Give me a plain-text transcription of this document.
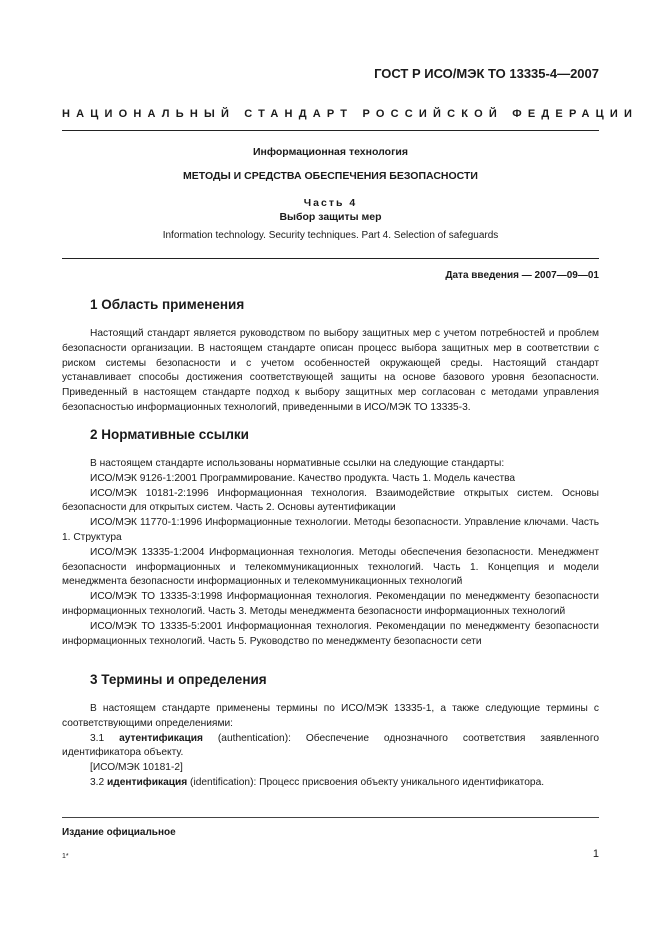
ГОСТ Р ИСО/МЭК ТО 13335-4—2007
НАЦИОНАЛЬНЫЙ СТАНДАРТ РОССИЙСКОЙ ФЕДЕРАЦИИ
Информационная технология
МЕТОДЫ И СРЕДСТВА ОБЕСПЕЧЕНИЯ БЕЗОПАСНОСТИ
Часть 4
Выбор защиты мер
Information technology. Security techniques. Part 4. Selection of safeguards
Дата введения — 2007—09—01
1 Область применения

Настоящий стандарт является руководством по выбору защитных мер с учетом потребностей и проблем безопасности организации. В настоящем стандарте описан процесс выбора защитных мер в соответствии с риском системы безопасности и с учетом особенностей окружающей среды. Настоящий стандарт устанавливает способы достижения соответствующей защиты на основе базового уровня безопасности. Приведенный в настоящем стандарте подход к выбору защитных мер согласован с методами управления безопасностью информационных технологий, приведенными в ИСО/МЭК ТО 13335-3.

2 Нормативные ссылки

В настоящем стандарте использованы нормативные ссылки на следующие стандарты:

ИСО/МЭК 9126-1:2001 Программирование. Качество продукта. Часть 1. Модель качества

ИСО/МЭК 10181-2:1996 Информационная технология. Взаимодействие открытых систем. Основы безопасности для открытых систем. Часть 2. Основы аутентификации

ИСО/МЭК 11770-1:1996 Информационные технологии. Методы безопасности. Управление ключами. Часть 1. Структура

ИСО/МЭК 13335-1:2004 Информационная технология. Методы обеспечения безопасности. Менеджмент безопасности информационных и телекоммуникационных технологий. Часть 1. Концепция и модели менеджмента безопасности информационных и телекоммуникационных технологий

ИСО/МЭК ТО 13335-3:1998 Информационная технология. Рекомендации по менеджменту безопасности информационных технологий. Часть 3. Методы менеджмента безопасности информационных технологий

ИСО/МЭК ТО 13335-5:2001 Информационная технология. Рекомендации по менеджменту безопасности информационных технологий. Часть 5. Руководство по менеджменту безопасности сети

3 Термины и определения

В настоящем стандарте применены термины по ИСО/МЭК 13335-1, а также следующие термины с соответствующими определениями:

3.1 аутентификация (authentication): Обеспечение однозначного соответствия заявленного идентификатора объекту.

[ИСО/МЭК 10181-2]

3.2 идентификация (identification): Процесс присвоения объекту уникального идентификатора.

Издание официальное
1*	1
